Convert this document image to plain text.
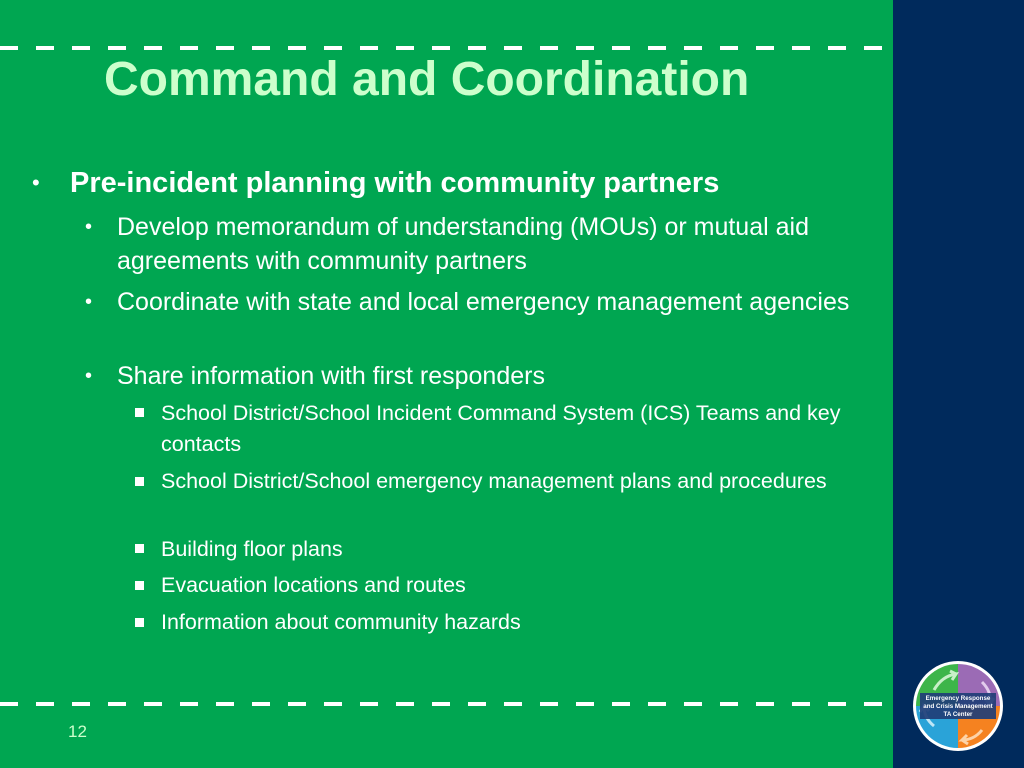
Command and Coordination
• Pre-incident planning with community partners
• Develop memorandum of understanding (MOUs) or mutual aid agreements with community partners
• Coordinate with state and local emergency management agencies
• Share information with first responders
School District/School Incident Command System (ICS) Teams and key contacts
School District/School emergency management plans and procedures
Building floor plans
Evacuation locations and routes
Information about community hazards
12
Emergency Response
and Crisis Management
TA Center
